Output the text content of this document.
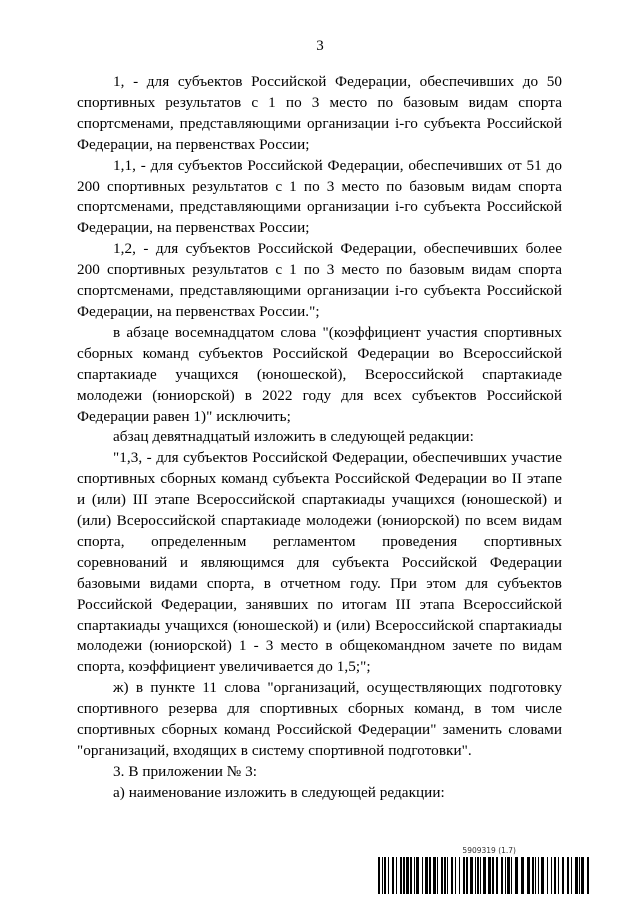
3

1, - для субъектов Российской Федерации, обеспечивших до 50 спортивных результатов с 1 по 3 место по базовым видам спорта спортсменами, представляющими организации i-го субъекта Российской Федерации, на первенствах России;

1,1, - для субъектов Российской Федерации, обеспечивших от 51 до 200 спортивных результатов с 1 по 3 место по базовым видам спорта спортсменами, представляющими организации i-го субъекта Российской Федерации, на первенствах России;

1,2, - для субъектов Российской Федерации, обеспечивших более 200 спортивных результатов с 1 по 3 место по базовым видам спорта спортсменами, представляющими организации i-го субъекта Российской Федерации, на первенствах России.";

в абзаце восемнадцатом слова "(коэффициент участия спортивных сборных команд субъектов Российской Федерации во Всероссийской спартакиаде учащихся (юношеской), Всероссийской спартакиаде молодежи (юниорской) в 2022 году для всех субъектов Российской Федерации равен 1)" исключить;

абзац девятнадцатый изложить в следующей редакции:

"1,3, - для субъектов Российской Федерации, обеспечивших участие спортивных сборных команд субъекта Российской Федерации во II этапе и (или) III этапе Всероссийской спартакиады учащихся (юношеской) и (или) Всероссийской спартакиаде молодежи (юниорской) по всем видам спорта, определенным регламентом проведения спортивных соревнований и являющимся для субъекта Российской Федерации базовыми видами спорта, в отчетном году. При этом для субъектов Российской Федерации, занявших по итогам III этапа Всероссийской спартакиады учащихся (юношеской) и (или) Всероссийской спартакиады молодежи (юниорской) 1 - 3 место в общекомандном зачете по видам спорта, коэффициент увеличивается до 1,5;";

ж) в пункте 11 слова "организаций, осуществляющих подготовку спортивного резерва для спортивных сборных команд, в том числе спортивных сборных команд Российской Федерации" заменить словами "организаций, входящих в систему спортивной подготовки".

3. В приложении № 3:

а) наименование изложить в следующей редакции:

5909319 (1.7)
